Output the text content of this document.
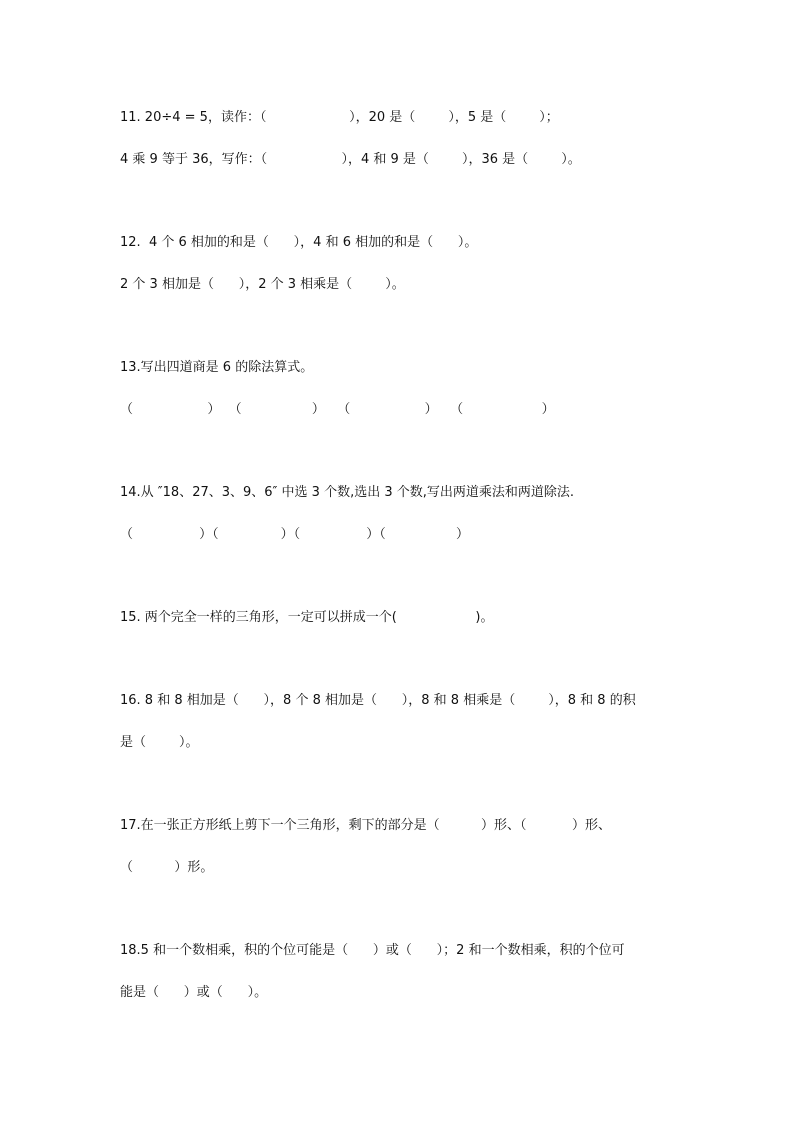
11. 20÷4 = 5，读作：（                    ），20 是（        ），5 是（        ）；
4 乘 9 等于 36，写作：（                  ），4 和 9 是（        ），36 是（        ）。
12.  4 个 6 相加的和是（      ），4 和 6 相加的和是（      ）。
2 个 3 相加是（      ），2 个 3 相乘是（        ）。
13.写出四道商是 6 的除法算式。
（                  ）  （                 ）   （                  ）   （                   ）
14.从 ″18、27、3、9、6″ 中选 3 个数,选出 3 个数,写出两道乘法和两道除法.
（                ）（               ）（                ）（                 ）
15. 两个完全一样的三角形，一定可以拼成一个(                   )。
16. 8 和 8 相加是（      ），8 个 8 相加是（      ），8 和 8 相乘是（        ），8 和 8 的积
是（        ）。
17.在一张正方形纸上剪下一个三角形，剩下的部分是（          ）形、（           ）形、
（          ）形。
18.5 和一个数相乘，积的个位可能是（      ）或（      ）；2 和一个数相乘，积的个位可
能是（      ）或（      ）。
